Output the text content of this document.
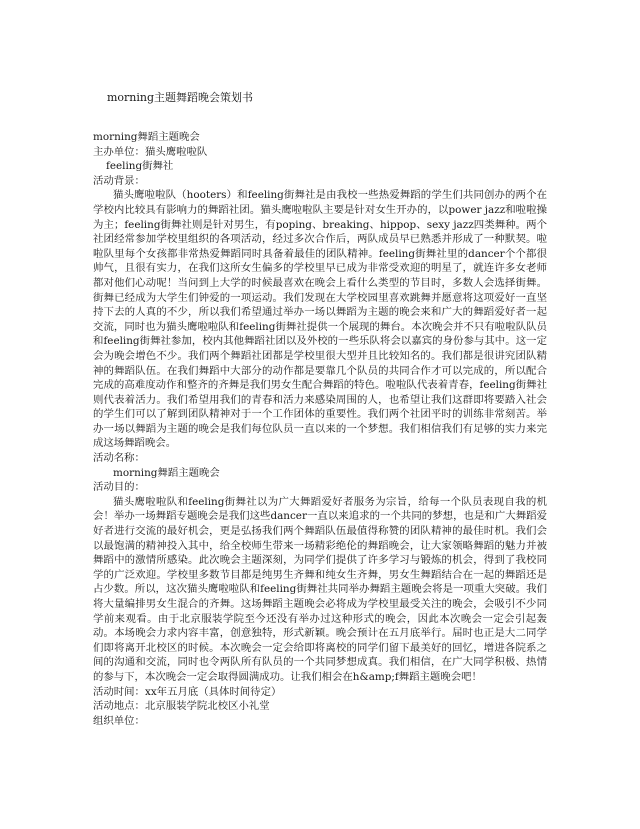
morning主题舞蹈晚会策划书
morning舞蹈主题晚会
主办单位：猫头鹰啦啦队
feeling街舞社
活动背景：
猫头鹰啦啦队（hooters）和feeling街舞社是由我校一些热爱舞蹈的学生们共同创办的两个在学校内比较具有影响力的舞蹈社团。猫头鹰啦啦队主要是针对女生开办的，以power jazz和啦啦操为主；feeling街舞社则是针对男生，有poping、breaking、hippop、sexy jazz四类舞种。两个社团经常参加学校里组织的各项活动，经过多次合作后，两队成员早已熟悉并形成了一种默契。啦啦队里每个女孩都非常热爱舞蹈同时具备着最佳的团队精神。feeling街舞社里的dancer个个都很帅气，且很有实力，在我们这所女生偏多的学校里早已成为非常受欢迎的明星了，就连许多女老师都对他们心动呢！当问到上大学的时候最喜欢在晚会上看什么类型的节目时，多数人会选择街舞。街舞已经成为大学生们钟爱的一项运动。我们发现在大学校园里喜欢跳舞并愿意将这项爱好一直坚持下去的人真的不少，所以我们希望通过举办一场以舞蹈为主题的晚会来和广大的舞蹈爱好者一起交流，同时也为猫头鹰啦啦队和feeling街舞社提供一个展现的舞台。本次晚会并不只有啦啦队队员和feeling街舞社参加，校内其他舞蹈社团以及外校的一些乐队将会以嘉宾的身份参与其中。这一定会为晚会增色不少。我们两个舞蹈社团都是学校里很大型并且比较知名的。我们都是很讲究团队精神的舞蹈队伍。在我们舞蹈中大部分的动作都是要靠几个队员的共同合作才可以完成的，所以配合完成的高难度动作和整齐的齐舞是我们男女生配合舞蹈的特色。啦啦队代表着青春，feeling街舞社则代表着活力。我们希望用我们的青春和活力来感染周围的人，也希望让我们这群即将要踏入社会的学生们可以了解到团队精神对于一个工作团体的重要性。我们两个社团平时的训练非常刻苦。举办一场以舞蹈为主题的晚会是我们每位队员一直以来的一个梦想。我们相信我们有足够的实力来完成这场舞蹈晚会。
活动名称：
morning舞蹈主题晚会
活动目的：
猫头鹰啦啦队和feeling街舞社以为广大舞蹈爱好者服务为宗旨，给每一个队员表现自我的机会！举办一场舞蹈专题晚会是我们这些dancer一直以来追求的一个共同的梦想，也是和广大舞蹈爱好者进行交流的最好机会，更是弘扬我们两个舞蹈队伍最值得称赞的团队精神的最佳时机。我们会以最饱满的精神投入其中，给全校师生带来一场精彩绝伦的舞蹈晚会，让大家领略舞蹈的魅力并被舞蹈中的激情所感染。此次晚会主题深刻，为同学们提供了许多学习与锻炼的机会，得到了我校同学的广泛欢迎。学校里多数节目都是纯男生齐舞和纯女生齐舞，男女生舞蹈结合在一起的舞蹈还是占少数。所以，这次猫头鹰啦啦队和feeling街舞社共同举办舞蹈主题晚会将是一项重大突破。我们将大量编排男女生混合的齐舞。这场舞蹈主题晚会必将成为学校里最受关注的晚会，会吸引不少同学前来观看。由于北京服装学院至今还没有举办过这种形式的晚会，因此本次晚会一定会引起轰动。本场晚会力求内容丰富，创意独特，形式新颖。晚会预计在五月底举行。届时也正是大二同学们即将离开北校区的时候。本次晚会一定会给即将离校的同学们留下最美好的回忆，增进各院系之间的沟通和交流，同时也令两队所有队员的一个共同梦想成真。我们相信，在广大同学积极、热情的参与下，本次晚会一定会取得圆满成功。让我们相会在h&amp;f舞蹈主题晚会吧！
活动时间：xx年五月底（具体时间待定）
活动地点：北京服装学院北校区小礼堂
组织单位：
